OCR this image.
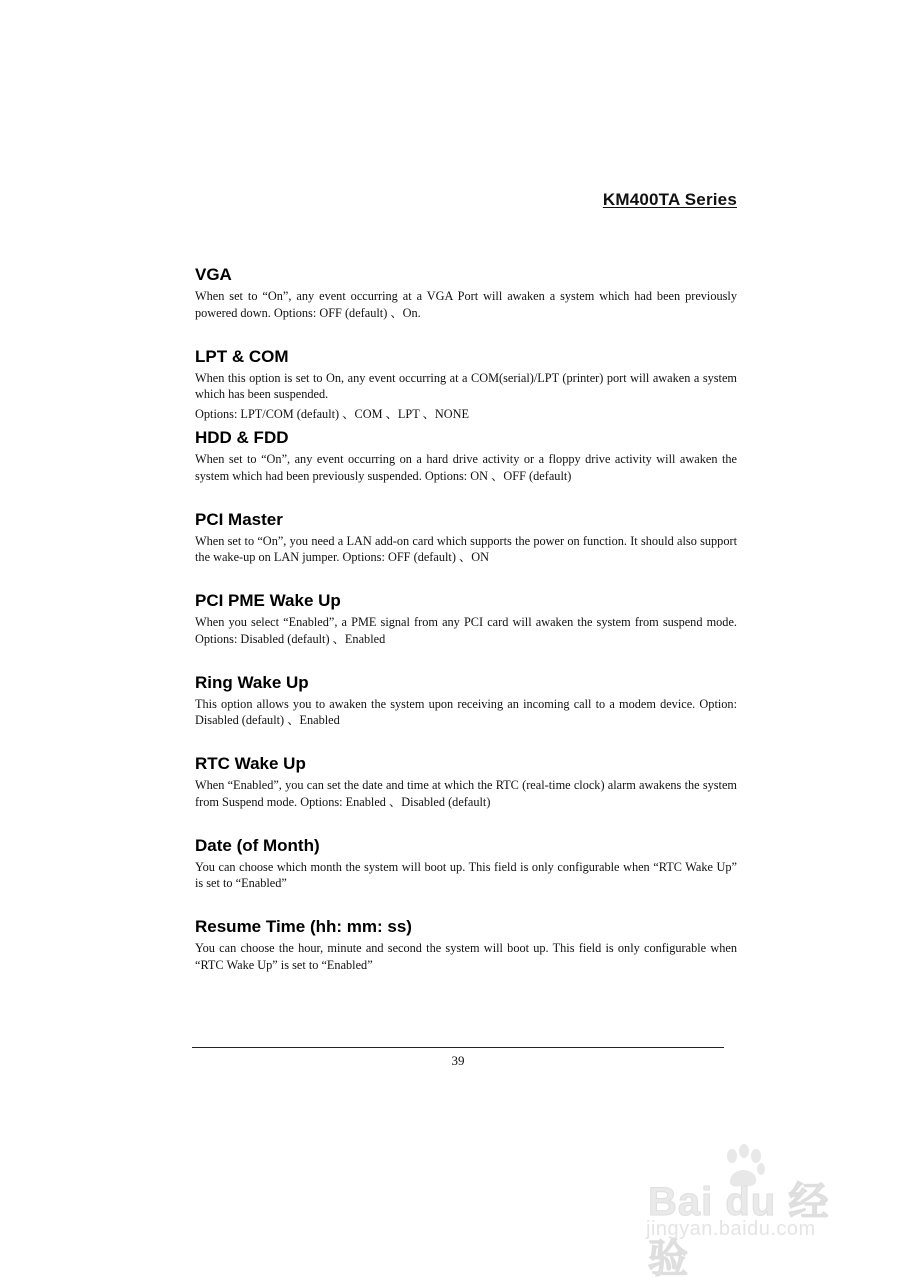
KM400TA Series
VGA

When set to “On”, any event occurring at a VGA Port will awaken a system which had been previously powered down. Options: OFF (default) 、On.

LPT & COM

When this option is set to On, any event occurring at a COM(serial)/LPT (printer) port will awaken a system which has been suspended.

Options: LPT/COM (default) 、COM 、LPT 、NONE

HDD & FDD

When set to “On”, any event occurring on a hard drive activity or a floppy drive activity will awaken the system which had been previously suspended. Options: ON 、OFF (default)

PCI Master

When set to “On”, you need a LAN add-on card which supports the power on function. It should also support the wake-up on LAN jumper. Options: OFF (default) 、ON

PCI PME Wake Up

When you select “Enabled”, a PME signal from any PCI card will awaken the system from suspend mode. Options: Disabled (default) 、Enabled

Ring Wake Up

This option allows you to awaken the system upon receiving an incoming call to a modem device. Option: Disabled (default) 、Enabled

RTC Wake Up

When “Enabled”, you can set the date and time at which the RTC (real-time clock) alarm awakens the system from Suspend mode. Options: Enabled 、Disabled (default)

Date (of Month)

You can choose which month the system will boot up. This field is only configurable when “RTC Wake Up” is set to “Enabled”

Resume Time (hh: mm: ss)

You can choose the hour, minute and second the system will boot up. This field is only configurable when “RTC Wake Up” is set to “Enabled”

39
Bai du 经验
jingyan.baidu.com
